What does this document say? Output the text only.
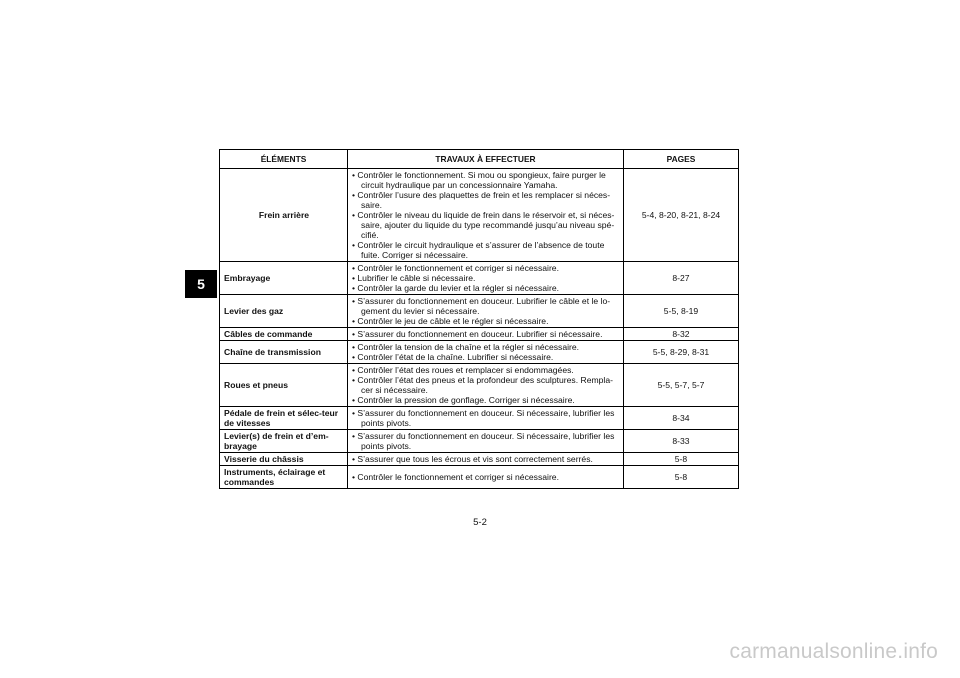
5
ÉLÉMENTS	TRAVAUX À EFFECTUER	PAGES
Frein arrière	• Contrôler le fonctionnement. Si mou ou spongieux, faire purger le circuit hydraulique par un concessionnaire Yamaha.
• Contrôler l’usure des plaquettes de frein et les remplacer si néces-saire.
• Contrôler le niveau du liquide de frein dans le réservoir et, si néces-saire, ajouter du liquide du type recommandé jusqu’au niveau spé-cifié.
• Contrôler le circuit hydraulique et s’assurer de l’absence de toute fuite. Corriger si nécessaire.	5-4, 8-20, 8-21, 8-24
Embrayage	• Contrôler le fonctionnement et corriger si nécessaire.
• Lubrifier le câble si nécessaire.
• Contrôler la garde du levier et la régler si nécessaire.	8-27
Levier des gaz	• S’assurer du fonctionnement en douceur. Lubrifier le câble et le lo-gement du levier si nécessaire.
• Contrôler le jeu de câble et le régler si nécessaire.	5-5, 8-19
Câbles de commande	• S’assurer du fonctionnement en douceur. Lubrifier si nécessaire.	8-32
Chaîne de transmission	• Contrôler la tension de la chaîne et la régler si nécessaire.
• Contrôler l’état de la chaîne. Lubrifier si nécessaire.	5-5, 8-29, 8-31
Roues et pneus	• Contrôler l’état des roues et remplacer si endommagées.
• Contrôler l’état des pneus et la profondeur des sculptures. Rempla-cer si nécessaire.
• Contrôler la pression de gonflage. Corriger si nécessaire.	5-5, 5-7, 5-7
Pédale de frein et sélec-teur de vitesses	• S’assurer du fonctionnement en douceur. Si nécessaire, lubrifier les points pivots.	8-34
Levier(s) de frein et d’em-brayage	• S’assurer du fonctionnement en douceur. Si nécessaire, lubrifier les points pivots.	8-33
Visserie du châssis	• S’assurer que tous les écrous et vis sont correctement serrés.	5-8
Instruments, éclairage et commandes	• Contrôler le fonctionnement et corriger si nécessaire.	5-8
5-2
carmanualsonline.info
